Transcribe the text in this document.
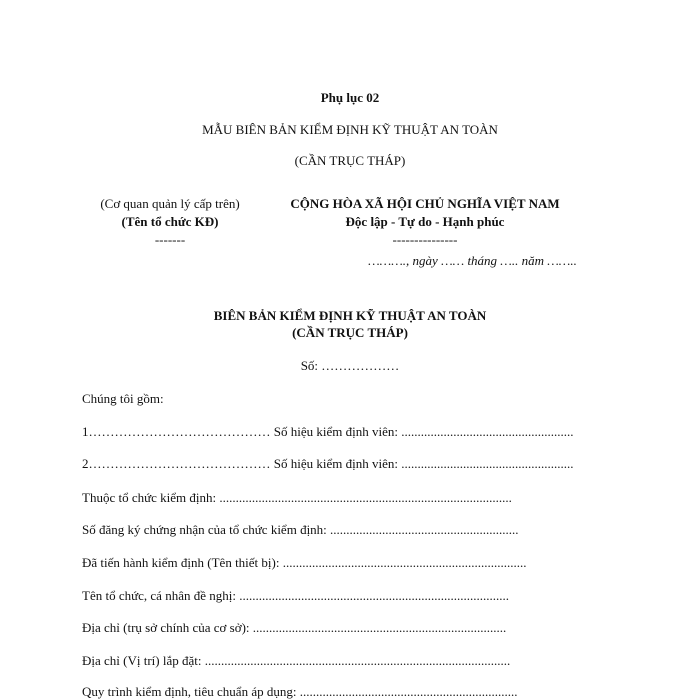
Phụ lục 02
MẪU BIÊN BẢN KIỂM ĐỊNH KỸ THUẬT AN TOÀN
(CẦN TRỤC THÁP)
(Cơ quan quản lý cấp trên)
(Tên tổ chức KĐ)
-------
CỘNG HÒA XÃ HỘI CHỦ NGHĨA VIỆT NAM
Độc lập - Tự do - Hạnh phúc
---------------
………., ngày …… tháng ….. năm ……..
BIÊN BẢN KIỂM ĐỊNH KỸ THUẬT AN TOÀN
(CẦN TRỤC THÁP)
Số: ………………
Chúng tôi gồm:
1…………………………………… Số hiệu kiểm định viên: .....................................................
2…………………………………… Số hiệu kiểm định viên: .....................................................
Thuộc tổ chức kiểm định: ..........................................................................................
Số đăng ký chứng nhận của tổ chức kiểm định: ..........................................................
Đã tiến hành kiểm định (Tên thiết bị): ...........................................................................
Tên tổ chức, cá nhân đề nghị: ...................................................................................
Địa chỉ (trụ sở chính của cơ sở): ..............................................................................
Địa chỉ (Vị trí) lắp đặt: ..............................................................................................
Quy trình kiểm định, tiêu chuẩn áp dụng: ...................................................................
